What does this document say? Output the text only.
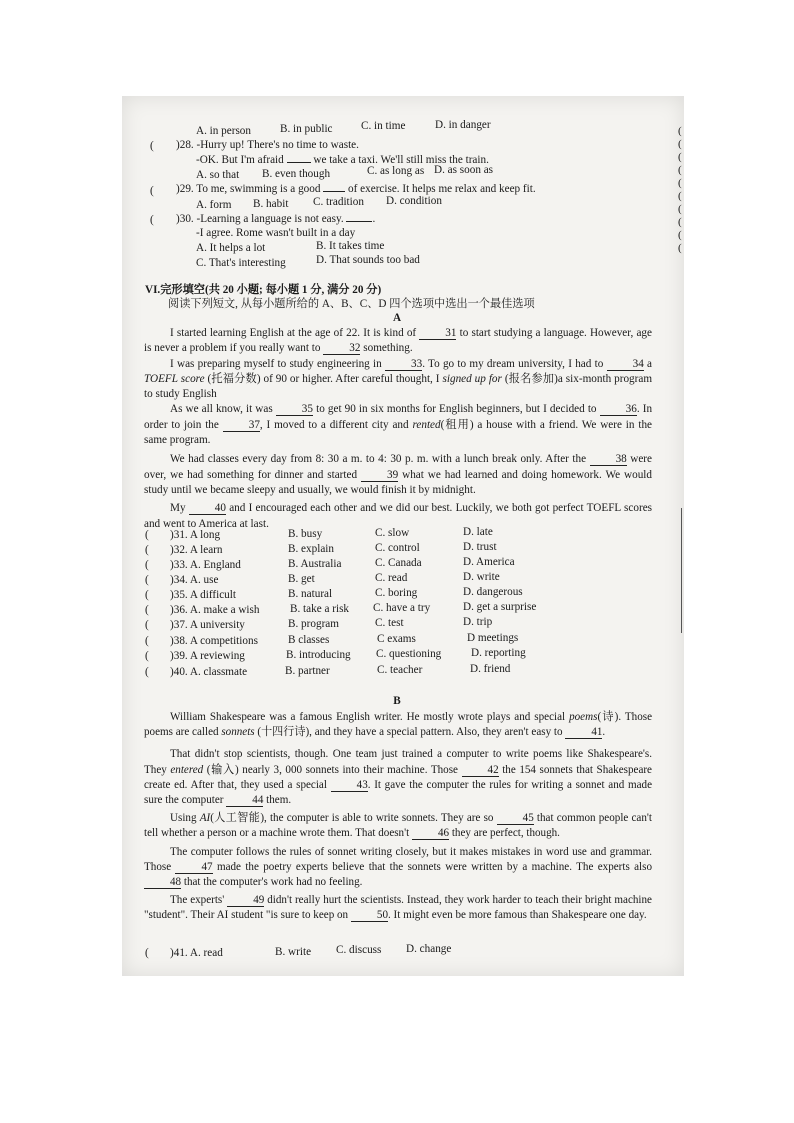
A. in person	B. in public	C. in time	D. in danger
( )28. -Hurry up! There's no time to waste.
-OK. But I'm afraid	we take a taxi. We'll still miss the train.
A. so that B. even though	C. as long as D. as soon as
( )29. To me, swimming is a good of exercise. It helps me relax and keep fit.
A. form B. habit C. tradition D. condition
( )30. -Learning a language is not easy.	.
-I agree. Rome wasn't built in a day
A. It helps a lot	B. It takes time
C. That's interesting	D. That sounds too bad
VI.完形填空(共 20 小题; 每小题 1 分, 满分 20 分)
阅读下列短文, 从每小题所给的 A、B、C、D 四个选项中选出一个最佳选项
A

I started learning English at the age of 22. It is kind of	31 to start studying a language. However, age is never a problem if you really want to	32 something.

I was preparing myself to study engineering in	33. To go to my dream university, I had to	34 a TOEFL score (托福分数) of 90 or higher. After careful thought, I signed up for (报名参加)a six-month program to study English

As we all know, it was	35 to get 90 in six months for English beginners, but I decided to	36. In order to join the	37, I moved to a different city and rented(租用) a house with a friend. We were in the same program.

We had classes every day from 8: 30 a m. to 4: 30 p. m. with a lunch break only. After the	38 were over, we had something for dinner and started	39 what we had learned and doing homework. We would study until we became sleepy and usually, we would finish it by midnight.

My	40 and I encouraged each other and we did our best. Luckily, we both got perfect TOEFL scores and went to America at last.

( )31. A long	B. busy	C. slow	D. late
( )32. A learn	B. explain	C. control	D. trust
( )33. A. England	B. Australia	C. Canada	D. America
( )34. A. use	B. get	C. read	D. write
( )35. A difficult	B. natural	C. boring	D. dangerous
( )36. A. make a wish	B. take a risk C. have a try	D. get a surprise
( )37. A university	B. program	C. test	D. trip
( )38. A competitions	B classes	C exams	D meetings
( )39. A reviewing	B. introducing C. questioning	D. reporting
( )40. A. classmate	B. partner	C. teacher	D. friend
B

William Shakespeare was a famous English writer. He mostly wrote plays and special poems(诗). Those poems are called sonnets (十四行诗), and they have a special pattern. Also, they aren't easy to	41.

That didn't stop scientists, though. One team just trained a computer to write poems like Shakespeare's. They entered (输入) nearly 3, 000 sonnets into their machine. Those	42 the 154 sonnets that Shakespeare create ed. After that, they used a special	43. It gave the computer the rules for writing a sonnet and made sure the computer	44 them.

Using AI(人工智能), the computer is able to write sonnets. They are so	45 that common people can't tell whether a person or a machine wrote them. That doesn't	46 they are perfect, though.

The computer follows the rules of sonnet writing closely, but it makes mistakes in word use and grammar. Those	47 made the poetry experts believe that the sonnets were written by a machine. The experts also 48 that the computer's work had no feeling.

The experts'	49 didn't really hurt the scientists. Instead, they work harder to teach their bright machine "student". Their AI student "is sure to keep on	50. It might even be more famous than Shakespeare one day.

( )41. A. read	B. write C. discuss D. change
(
(
(
(
(
(
(
(
(
(
